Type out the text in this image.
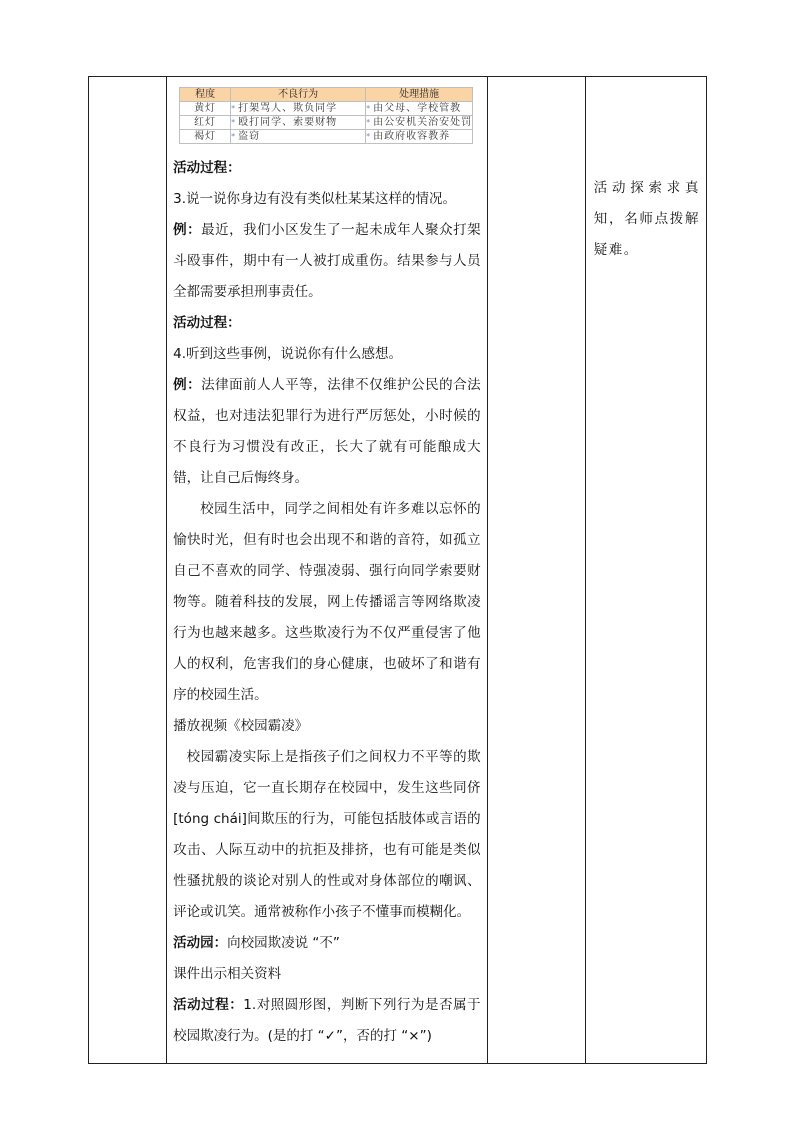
程度	不良行为	处理措施
黄灯	* 打架骂人、欺负同学	* 由父母、学校管教
红灯	* 殴打同学、索要财物	* 由公安机关治安处罚
褐灯	* 盗窃	* 由政府收容教养

活动过程：

3.说一说你身边有没有类似杜某某这样的情况。

例：最近，我们小区发生了一起未成年人聚众打架斗殴事件，期中有一人被打成重伤。结果参与人员全都需要承担刑事责任。

活动过程：

4.听到这些事例，说说你有什么感想。

例：法律面前人人平等，法律不仅维护公民的合法权益，也对违法犯罪行为进行严厉惩处，小时候的不良行为习惯没有改正，长大了就有可能酿成大错，让自己后悔终身。

校园生活中，同学之间相处有许多难以忘怀的愉快时光，但有时也会出现不和谐的音符，如孤立自己不喜欢的同学、恃强凌弱、强行向同学索要财物等。随着科技的发展，网上传播谣言等网络欺凌行为也越来越多。这些欺凌行为不仅严重侵害了他人的权利，危害我们的身心健康，也破坏了和谐有序的校园生活。

播放视频《校园霸凌》

校园霸凌实际上是指孩子们之间权力不平等的欺凌与压迫，它一直长期存在校园中，发生这些同侪[tóng chái]间欺压的行为，可能包括肢体或言语的攻击、人际互动中的抗拒及排挤，也有可能是类似性骚扰般的谈论对别人的性或对身体部位的嘲讽、评论或讥笑。通常被称作小孩子不懂事而模糊化。

活动园：向校园欺凌说 “不”

课件出示相关资料

活动过程：1.对照圆形图，判断下列行为是否属于校园欺凌行为。(是的打 “✓”，否的打 “×”)

活动探索求真知，名师点拨解疑难。
